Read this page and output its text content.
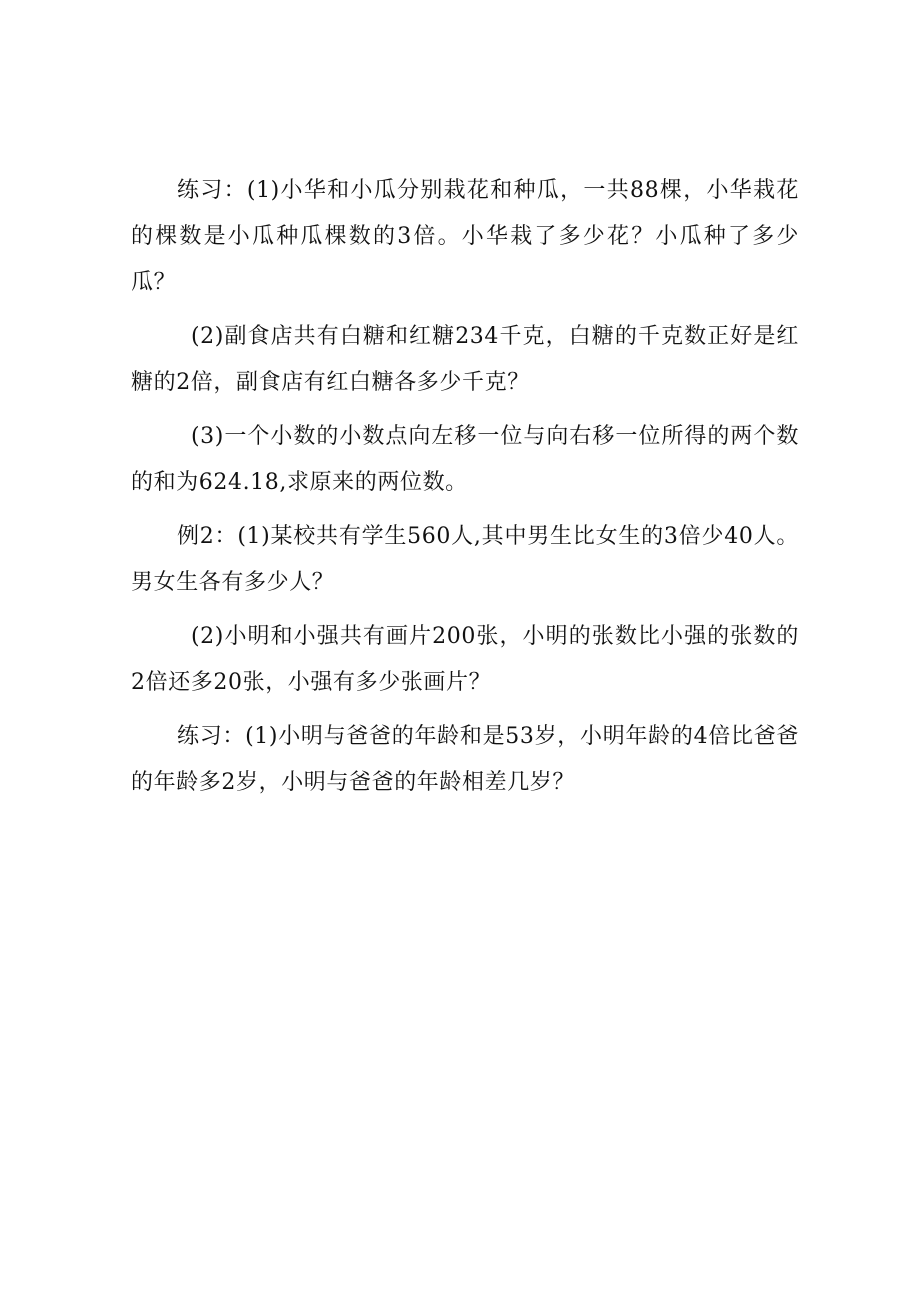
练习：(1)小华和小瓜分别栽花和种瓜，一共88棵，小华栽花的棵数是小瓜种瓜棵数的3倍。小华栽了多少花？小瓜种了多少瓜？

(2)副食店共有白糖和红糖234千克，白糖的千克数正好是红糖的2倍，副食店有红白糖各多少千克？

(3)一个小数的小数点向左移一位与向右移一位所得的两个数的和为624.18,求原来的两位数。

例2：(1)某校共有学生560人,其中男生比女生的3倍少40人。男女生各有多少人？

(2)小明和小强共有画片200张，小明的张数比小强的张数的2倍还多20张，小强有多少张画片？

练习：(1)小明与爸爸的年龄和是53岁，小明年龄的4倍比爸爸的年龄多2岁，小明与爸爸的年龄相差几岁？
